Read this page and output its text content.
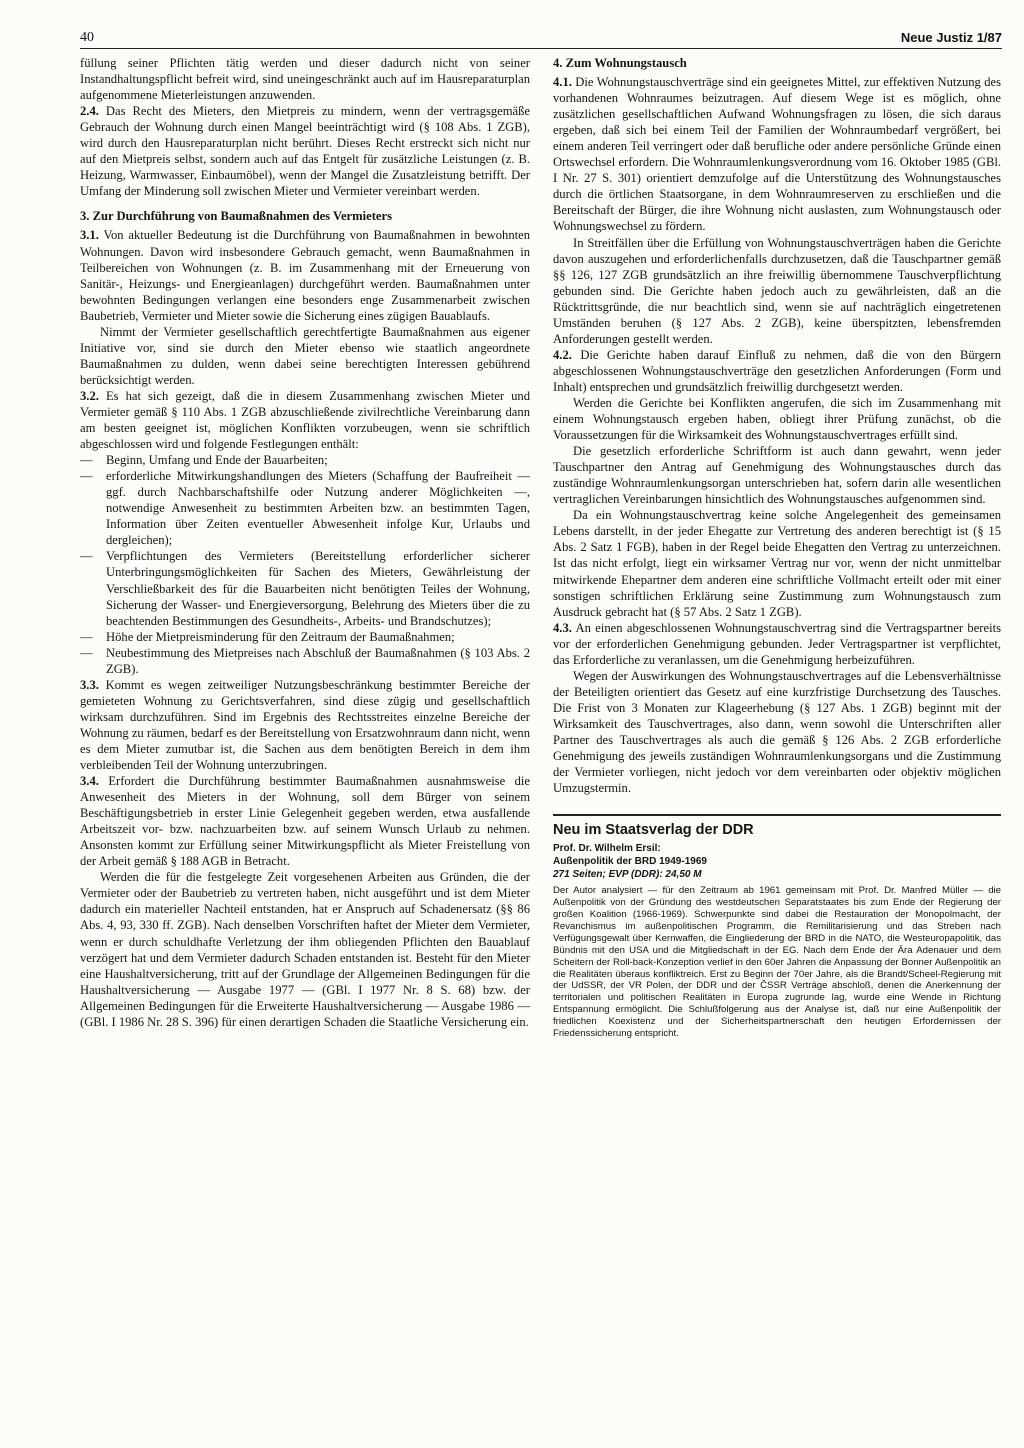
40	Neue Justiz 1/87

füllung seiner Pflichten tätig werden und dieser dadurch nicht von seiner Instandhaltungspflicht befreit wird, sind uneingeschränkt auch auf im Hausreparaturplan aufgenommene Mieterleistungen anzuwenden.

2.4. Das Recht des Mieters, den Mietpreis zu mindern, wenn der vertragsgemäße Gebrauch der Wohnung durch einen Mangel beeinträchtigt wird (§ 108 Abs. 1 ZGB), wird durch den Hausreparaturplan nicht berührt. Dieses Recht erstreckt sich nicht nur auf den Mietpreis selbst, sondern auch auf das Entgelt für zusätzliche Leistungen (z. B. Heizung, Warmwasser, Einbaumöbel), wenn der Mangel die Zusatzleistung betrifft. Der Umfang der Minderung soll zwischen Mieter und Vermieter vereinbart werden.

3. Zur Durchführung von Baumaßnahmen des Vermieters

3.1. Von aktueller Bedeutung ist die Durchführung von Baumaßnahmen in bewohnten Wohnungen. Davon wird insbesondere Gebrauch gemacht, wenn Baumaßnahmen in Teilbereichen von Wohnungen (z. B. im Zusammenhang mit der Erneuerung von Sanitär-, Heizungs- und Energieanlagen) durchgeführt werden. Baumaßnahmen unter bewohnten Bedingungen verlangen eine besonders enge Zusammenarbeit zwischen Baubetrieb, Vermieter und Mieter sowie die Sicherung eines zügigen Bauablaufs.

Nimmt der Vermieter gesellschaftlich gerechtfertigte Baumaßnahmen aus eigener Initiative vor, sind sie durch den Mieter ebenso wie staatlich angeordnete Baumaßnahmen zu dulden, wenn dabei seine berechtigten Interessen gebührend berücksichtigt werden.

3.2. Es hat sich gezeigt, daß die in diesem Zusammenhang zwischen Mieter und Vermieter gemäß § 110 Abs. 1 ZGB abzuschließende zivilrechtliche Vereinbarung dann am besten geeignet ist, möglichen Konflikten vorzubeugen, wenn sie schriftlich abgeschlossen wird und folgende Festlegungen enthält:

— Beginn, Umfang und Ende der Bauarbeiten;
— erforderliche Mitwirkungshandlungen des Mieters (Schaffung der Baufreiheit — ggf. durch Nachbarschaftshilfe oder Nutzung anderer Möglichkeiten —, notwendige Anwesenheit zu bestimmten Arbeiten bzw. an bestimmten Tagen, Information über Zeiten eventueller Abwesenheit infolge Kur, Urlaubs und dergleichen);
— Verpflichtungen des Vermieters (Bereitstellung erforderlicher sicherer Unterbringungsmöglichkeiten für Sachen des Mieters, Gewährleistung der Verschließbarkeit des für die Bauarbeiten nicht benötigten Teiles der Wohnung, Sicherung der Wasser- und Energieversorgung, Belehrung des Mieters über die zu beachtenden Bestimmungen des Gesundheits-, Arbeits- und Brandschutzes);
— Höhe der Mietpreisminderung für den Zeitraum der Baumaßnahmen;
— Neubestimmung des Mietpreises nach Abschluß der Baumaßnahmen (§ 103 Abs. 2 ZGB).

3.3. Kommt es wegen zeitweiliger Nutzungsbeschränkung bestimmter Bereiche der gemieteten Wohnung zu Gerichtsverfahren, sind diese zügig und gesellschaftlich wirksam durchzuführen. Sind im Ergebnis des Rechtsstreites einzelne Bereiche der Wohnung zu räumen, bedarf es der Bereitstellung von Ersatzwohnraum dann nicht, wenn es dem Mieter zumutbar ist, die Sachen aus dem benötigten Bereich in dem ihm verbleibenden Teil der Wohnung unterzubringen.

3.4. Erfordert die Durchführung bestimmter Baumaßnahmen ausnahmsweise die Anwesenheit des Mieters in der Wohnung, soll dem Bürger von seinem Beschäftigungsbetrieb in erster Linie Gelegenheit gegeben werden, etwa ausfallende Arbeitszeit vor- bzw. nachzuarbeiten bzw. auf seinem Wunsch Urlaub zu nehmen. Ansonsten kommt zur Erfüllung seiner Mitwirkungspflicht als Mieter Freistellung von der Arbeit gemäß § 188 AGB in Betracht.

Werden die für die festgelegte Zeit vorgesehenen Arbeiten aus Gründen, die der Vermieter oder der Baubetrieb zu vertreten haben, nicht ausgeführt und ist dem Mieter dadurch ein materieller Nachteil entstanden, hat er Anspruch auf Schadenersatz (§§ 86 Abs. 4, 93, 330 ff. ZGB). Nach denselben Vorschriften haftet der Mieter dem Vermieter, wenn er durch schuldhafte Verletzung der ihm obliegenden Pflichten den Bauablauf verzögert hat und dem Vermieter dadurch Schaden entstanden ist. Besteht für den Mieter eine Haushaltversicherung, tritt auf der Grundlage der Allgemeinen Bedingungen für die Haushaltversicherung — Ausgabe 1977 — (GBl. I 1977 Nr. 8 S. 68) bzw. der Allgemeinen Bedingungen für die Erweiterte Haushaltversicherung — Ausgabe 1986 — (GBl. I 1986 Nr. 28 S. 396) für einen derartigen Schaden die Staatliche Versicherung ein.

4. Zum Wohnungstausch

4.1. Die Wohnungstauschverträge sind ein geeignetes Mittel, zur effektiven Nutzung des vorhandenen Wohnraumes beizutragen. Auf diesem Wege ist es möglich, ohne zusätzlichen gesellschaftlichen Aufwand Wohnungsfragen zu lösen, die sich daraus ergeben, daß sich bei einem Teil der Familien der Wohnraumbedarf vergrößert, bei einem anderen Teil verringert oder daß berufliche oder andere persönliche Gründe einen Ortswechsel erfordern. Die Wohnraumlenkungsverordnung vom 16. Oktober 1985 (GBl. I Nr. 27 S. 301) orientiert demzufolge auf die Unterstützung des Wohnungstausches durch die örtlichen Staatsorgane, in dem Wohnraumreserven zu erschließen und die Bereitschaft der Bürger, die ihre Wohnung nicht auslasten, zum Wohnungstausch oder Wohnungswechsel zu fördern.

In Streitfällen über die Erfüllung von Wohnungstauschverträgen haben die Gerichte davon auszugehen und erforderlichenfalls durchzusetzen, daß die Tauschpartner gemäß §§ 126, 127 ZGB grundsätzlich an ihre freiwillig übernommene Tauschverpflichtung gebunden sind. Die Gerichte haben jedoch auch zu gewährleisten, daß an die Rücktrittsgründe, die nur beachtlich sind, wenn sie auf nachträglich eingetretenen Umständen beruhen (§ 127 Abs. 2 ZGB), keine überspitzten, lebensfremden Anforderungen gestellt werden.

4.2. Die Gerichte haben darauf Einfluß zu nehmen, daß die von den Bürgern abgeschlossenen Wohnungstauschverträge den gesetzlichen Anforderungen (Form und Inhalt) entsprechen und grundsätzlich freiwillig durchgesetzt werden.

Werden die Gerichte bei Konflikten angerufen, die sich im Zusammenhang mit einem Wohnungstausch ergeben haben, obliegt ihrer Prüfung zunächst, ob die Voraussetzungen für die Wirksamkeit des Wohnungstauschvertrages erfüllt sind.

Die gesetzlich erforderliche Schriftform ist auch dann gewahrt, wenn jeder Tauschpartner den Antrag auf Genehmigung des Wohnungstausches durch das zuständige Wohnraumlenkungsorgan unterschrieben hat, sofern darin alle wesentlichen vertraglichen Vereinbarungen hinsichtlich des Wohnungstausches aufgenommen sind.

Da ein Wohnungstauschvertrag keine solche Angelegenheit des gemeinsamen Lebens darstellt, in der jeder Ehegatte zur Vertretung des anderen berechtigt ist (§ 15 Abs. 2 Satz 1 FGB), haben in der Regel beide Ehegatten den Vertrag zu unterzeichnen. Ist das nicht erfolgt, liegt ein wirksamer Vertrag nur vor, wenn der nicht unmittelbar mitwirkende Ehepartner dem anderen eine schriftliche Vollmacht erteilt oder mit einer sonstigen schriftlichen Erklärung seine Zustimmung zum Wohnungstausch zum Ausdruck gebracht hat (§ 57 Abs. 2 Satz 1 ZGB).

4.3. An einen abgeschlossenen Wohnungstauschvertrag sind die Vertragspartner bereits vor der erforderlichen Genehmigung gebunden. Jeder Vertragspartner ist verpflichtet, das Erforderliche zu veranlassen, um die Genehmigung herbeizuführen.

Wegen der Auswirkungen des Wohnungstauschvertrages auf die Lebensverhältnisse der Beteiligten orientiert das Gesetz auf eine kurzfristige Durchsetzung des Tausches. Die Frist von 3 Monaten zur Klageerhebung (§ 127 Abs. 1 ZGB) beginnt mit der Wirksamkeit des Tauschvertrages, also dann, wenn sowohl die Unterschriften aller Partner des Tauschvertrages als auch die gemäß § 126 Abs. 2 ZGB erforderliche Genehmigung des jeweils zuständigen Wohnraumlenkungsorgans und die Zustimmung der Vermieter vorliegen, nicht jedoch vor dem vereinbarten oder objektiv möglichen Umzugstermin.

Neu im Staatsverlag der DDR

Prof. Dr. Wilhelm Ersil:

Außenpolitik der BRD 1949-1969

271 Seiten; EVP (DDR): 24,50 M

Der Autor analysiert — für den Zeitraum ab 1961 gemeinsam mit Prof. Dr. Manfred Müller — die Außenpolitik von der Gründung des westdeutschen Separatstaates bis zum Ende der Regierung der großen Koalition (1966-1969). Schwerpunkte sind dabei die Restauration der Monopolmacht, der Revanchismus im außenpolitischen Programm, die Remilitarisierung und das Streben nach Verfügungsgewalt über Kernwaffen, die Eingliederung der BRD in die NATO, die Westeuropapolitik, das Bündnis mit den USA und die Mitgliedschaft in der EG. Nach dem Ende der Ära Adenauer und dem Scheitern der Roll-back-Konzeption verlief in den 60er Jahren die Anpassung der Bonner Außenpolitik an die Realitäten überaus konfliktreich. Erst zu Beginn der 70er Jahre, als die Brandt/Scheel-Regierung mit der UdSSR, der VR Polen, der DDR und der ČSSR Verträge abschloß, denen die Anerkennung der territorialen und politischen Realitäten in Europa zugrunde lag, wurde eine Wende in Richtung Entspannung ermöglicht. Die Schlußfolgerung aus der Analyse ist, daß nur eine Außenpolitik der friedlichen Koexistenz und der Sicherheitspartnerschaft den heutigen Erfordernissen der Friedenssicherung entspricht.
